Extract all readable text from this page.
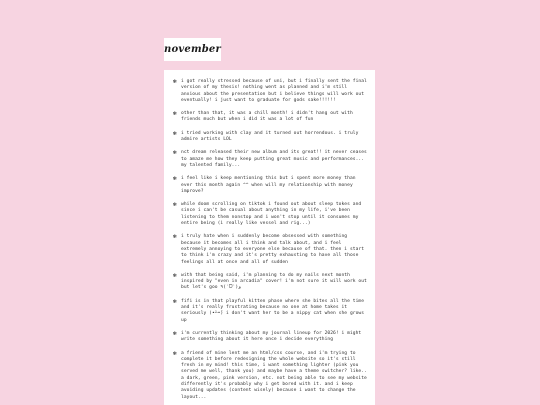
november
✻ i got really stressed because of uni, but i finally sent the final version of my thesis! nothing went as planned and i'm still anxious about the presentation but i believe things will work out eventually! i just want to graduate for gods sake!!!!!!
✻ other than that, it was a chill month! i didn't hang out with friends much but when i did it was a lot of fun
✻ i tried working with clay and it turned out horrendous. i truly admire artists LOL
✻ nct dream released their new album and its great!! it never ceases to amaze me how they keep putting great music and performances... my talented family...
✻ i feel like i keep mentioning this but i spent more money than ever this month again ^^ when will my relationship with money improve?
✻ while doom scrolling on tiktok i found out about sleep tokes and since i can't be casual about anything in my life, i've been listening to them nonstop and i won't stop until it consumes my entire being (i really like vessel and rig...)
✻ i truly hate when i suddenly become obsessed with something because it becomes all i think and talk about, and i feel extremely annoying to everyone else because of that. then i start to think i'm crazy and it's pretty exhausting to have all those feelings all at once and all of sudden
✻ with that being said, i'm planning to do my nails next month inspired by "even in arcadia" cover! i'm not sure it will work out but let's goo ٩(ˊᗜˋ)و
✻ fifi is in that playful kitten phase where she bites all the time and it's really frustrating because no one at home takes it seriously (•̀⌓•́) i don't want her to be a nippy cat when she grows up
✻ i'm currently thinking about my journal lineup for 2026! i might write something about it here once i decide everything
✻ a friend of mine lent me an html/css course, and i'm trying to complete it before redesigning the whole website so it's still fresh in my mind! this time, i want something lighter (pink you served me well, thank you) and maybe have a theme switcher? like.. a dark, green, pink version, etc. not being able to see my website differently it's probably why i get bored with it. and i keep avoiding updates (content wisely) because i want to change the layout...
